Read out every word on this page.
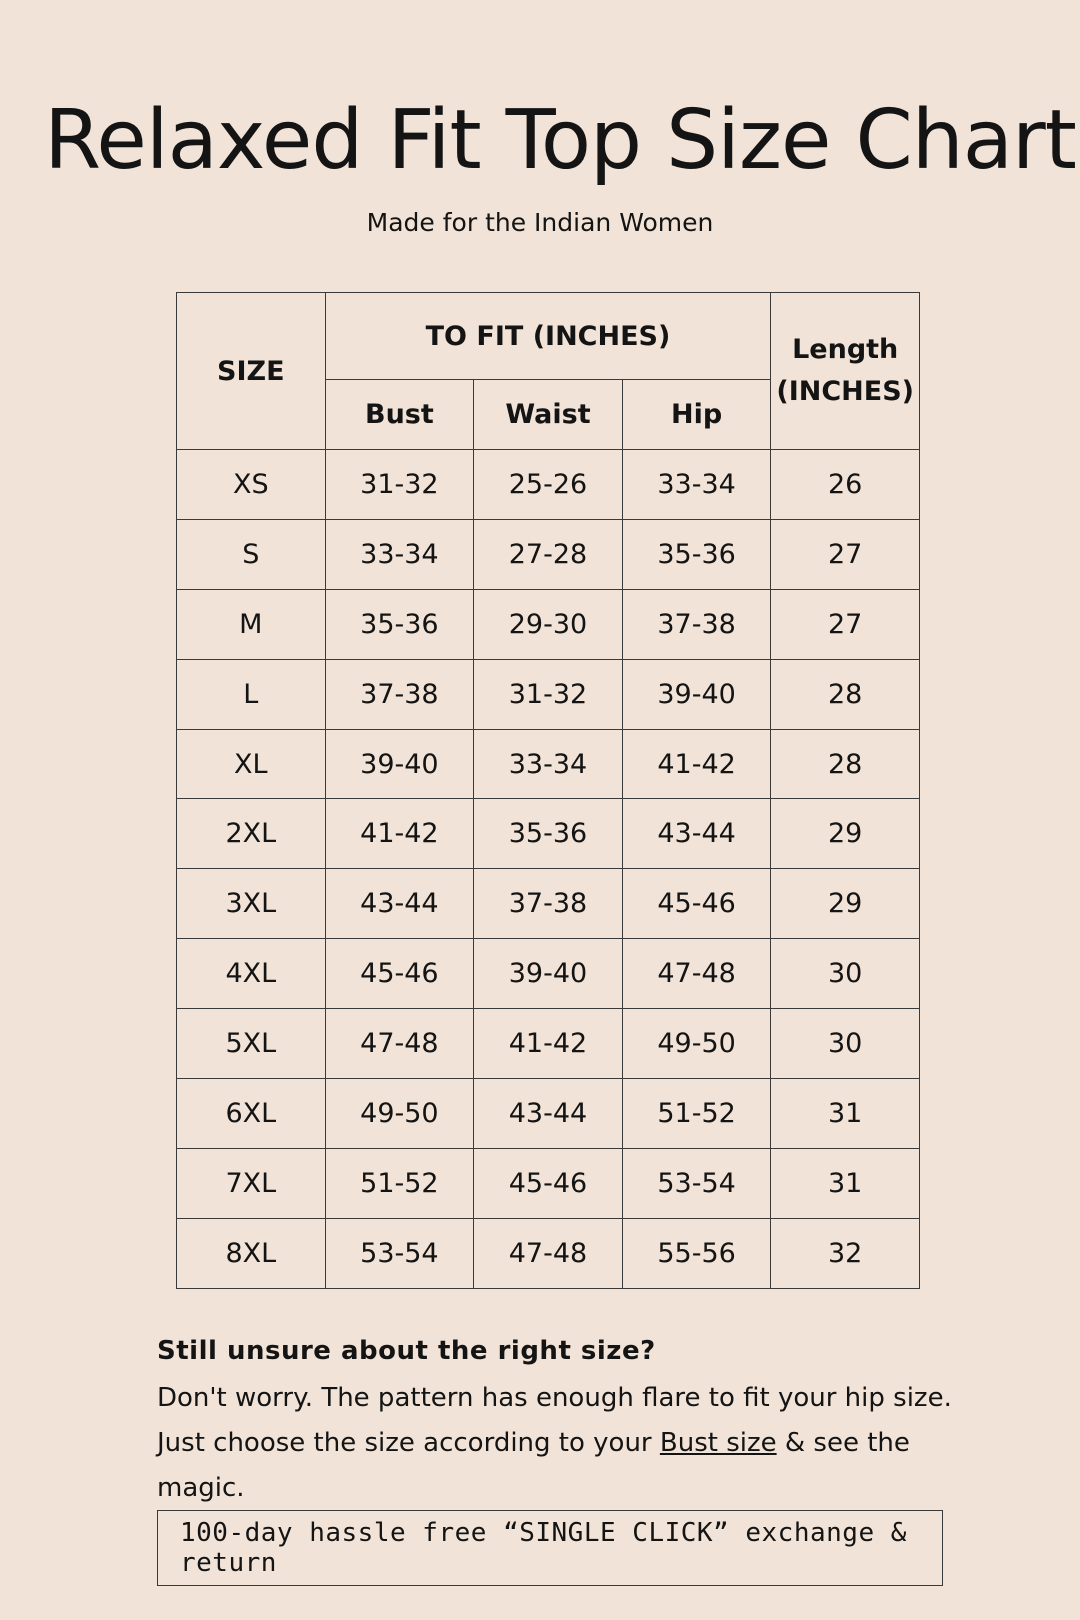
Relaxed Fit Top Size Chart
Made for the Indian Women
SIZE	TO FIT (INCHES)			Length
(INCHES)

	Bust	Waist	Hip	
XS	31-32	25-26	33-34	26
S	33-34	27-28	35-36	27
M	35-36	29-30	37-38	27
L	37-38	31-32	39-40	28
XL	39-40	33-34	41-42	28
2XL	41-42	35-36	43-44	29
3XL	43-44	37-38	45-46	29
4XL	45-46	39-40	47-48	30
5XL	47-48	41-42	49-50	30
6XL	49-50	43-44	51-52	31
7XL	51-52	45-46	53-54	31
8XL	53-54	47-48	55-56	32

Still unsure about the right size?

Don't worry. The pattern has enough flare to fit your hip size.
Just choose the size according to your Bust size & see the
magic.

100-day hassle free “SINGLE CLICK” exchange & return
